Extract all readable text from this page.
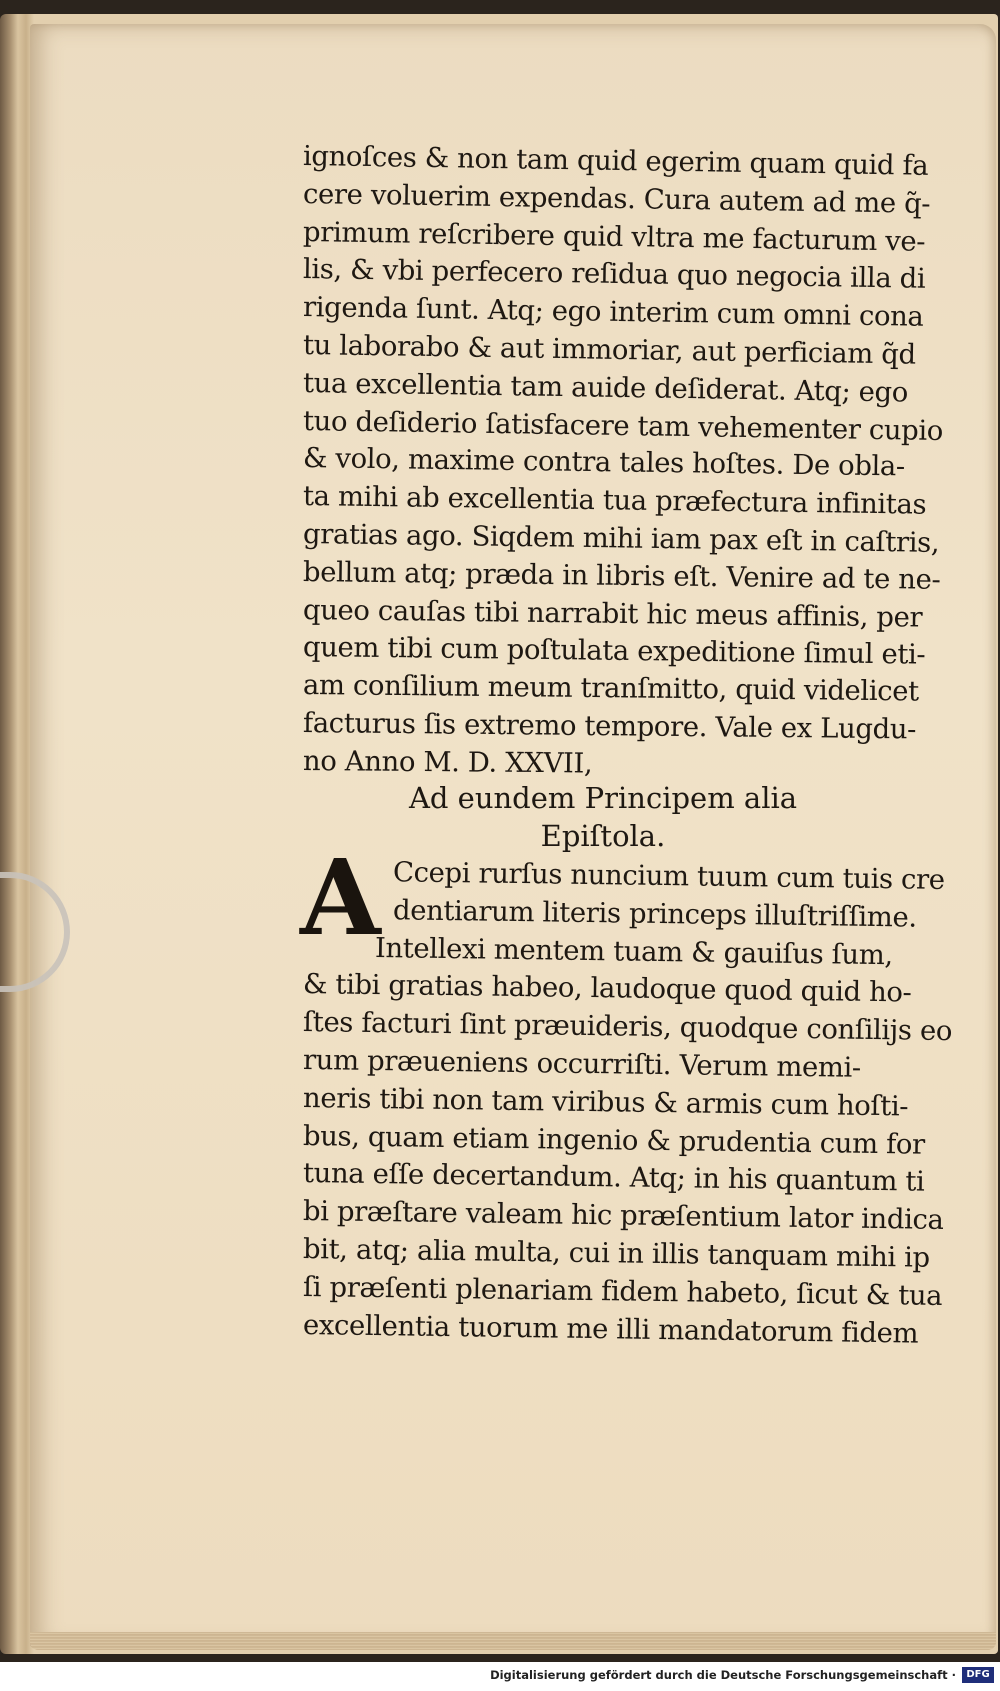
ignoſces & non tam quid egerim quam quid fa
cere voluerim expendas. Cura autem ad me q̃-
primum reſcribere quid vltra me facturum ve-
lis, & vbi perfecero reſidua quo negocia illa di
rigenda ſunt. Atq; ego interim cum omni cona
tu laborabo & aut immoriar, aut perficiam q̃d
tua excellentia tam auide deſiderat. Atq; ego
tuo deſiderio ſatisfacere tam vehementer cupio
& volo, maxime contra tales hoſtes. De obla-
ta mihi ab excellentia tua præfectura infinitas
gratias ago. Siqdem mihi iam pax eſt in caſtris,
bellum atq; præda in libris eſt. Venire ad te ne-
queo cauſas tibi narrabit hic meus affinis, per
quem tibi cum poſtulata expeditione ſimul eti-
am conſilium meum tranſmitto, quid videlicet
facturus ſis extremo tempore. Vale ex Lugdu-
no Anno M. D. XXVII,
Ad eundem Principem alia
Epiſtola.
A Ccepi rurſus nuncium tuum cum tuis cre
dentiarum literis princeps illuſtriſſime.
Intellexi mentem tuam & gauiſus ſum,
& tibi gratias habeo, laudoque quod quid ho-
ſtes facturi ſint præuideris, quodque conſilijs eo
rum præueniens occurriſti. Verum memi-
neris tibi non tam viribus & armis cum hoſti-
bus, quam etiam ingenio & prudentia cum for
tuna eſſe decertandum. Atq; in his quantum ti
bi præſtare valeam hic præſentium lator indica
bit, atq; alia multa, cui in illis tanquam mihi ip
ſi præſenti plenariam fidem habeto, ſicut & tua
excellentia tuorum me illi mandatorum fidem
Digitalisierung gefördert durch die Deutsche Forschungsgemeinschaft ·	DFG
